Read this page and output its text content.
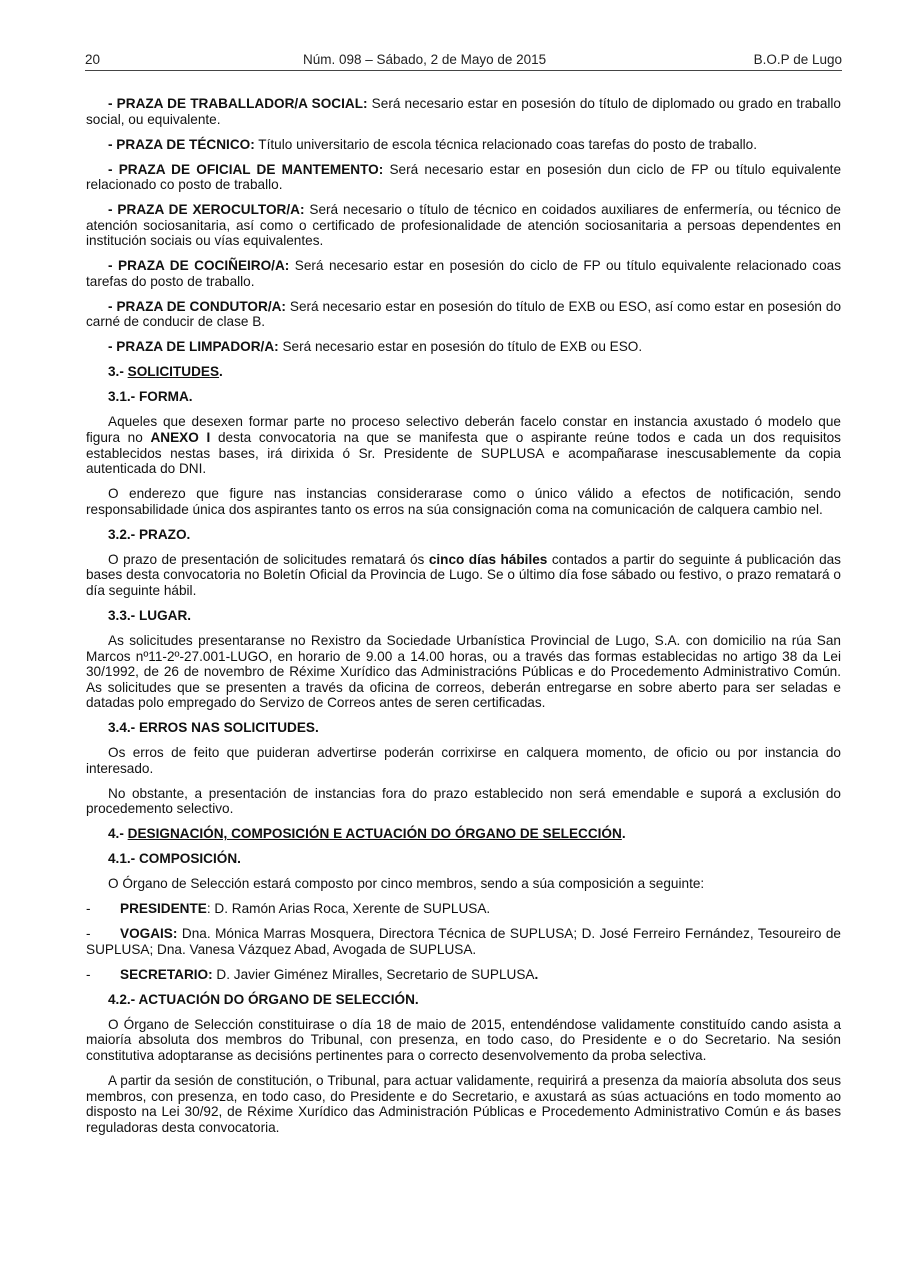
20	Núm. 098 – Sábado, 2 de Mayo de 2015	B.O.P de Lugo

- PRAZA DE TRABALLADOR/A SOCIAL: Será necesario estar en posesión do título de diplomado ou grado en traballo social, ou equivalente.

- PRAZA DE TÉCNICO: Título universitario de escola técnica relacionado coas tarefas do posto de traballo.

- PRAZA DE OFICIAL DE MANTEMENTO: Será necesario estar en posesión dun ciclo de FP ou título equivalente relacionado co posto de traballo.

- PRAZA DE XEROCULTOR/A: Será necesario o título de técnico en coidados auxiliares de enfermería, ou técnico de atención sociosanitaria, así como o certificado de profesionalidade de atención sociosanitaria a persoas dependentes en institución sociais ou vías equivalentes.

- PRAZA DE COCIÑEIRO/A: Será necesario estar en posesión do ciclo de FP ou título equivalente relacionado coas tarefas do posto de traballo.

- PRAZA DE CONDUTOR/A: Será necesario estar en posesión do título de EXB ou ESO, así como estar en posesión do carné de conducir de clase B.

- PRAZA DE LIMPADOR/A: Será necesario estar en posesión do título de EXB ou ESO.

3.- SOLICITUDES.

3.1.- FORMA.

Aqueles que desexen formar parte no proceso selectivo deberán facelo constar en instancia axustado ó modelo que figura no ANEXO I desta convocatoria na que se manifesta que o aspirante reúne todos e cada un dos requisitos establecidos nestas bases, irá dirixida ó Sr. Presidente de SUPLUSA e acompañarase inescusablemente da copia autenticada do DNI.

O enderezo que figure nas instancias considerarase como o único válido a efectos de notificación, sendo responsabilidade única dos aspirantes tanto os erros na súa consignación coma na comunicación de calquera cambio nel.

3.2.- PRAZO.

O prazo de presentación de solicitudes rematará ós cinco días hábiles contados a partir do seguinte á publicación das bases desta convocatoria no Boletín Oficial da Provincia de Lugo. Se o último día fose sábado ou festivo, o prazo rematará o día seguinte hábil.

3.3.- LUGAR.

As solicitudes presentaranse no Rexistro da Sociedade Urbanística Provincial de Lugo, S.A. con domicilio na rúa San Marcos nº11-2º-27.001-LUGO, en horario de 9.00 a 14.00 horas, ou a través das formas establecidas no artigo 38 da Lei 30/1992, de 26 de novembro de Réxime Xurídico das Administracións Públicas e do Procedemento Administrativo Común. As solicitudes que se presenten a través da oficina de correos, deberán entregarse en sobre aberto para ser seladas e datadas polo empregado do Servizo de Correos antes de seren certificadas.

3.4.- ERROS NAS SOLICITUDES.

Os erros de feito que puideran advertirse poderán corrixirse en calquera momento, de oficio ou por instancia do interesado.

No obstante, a presentación de instancias fora do prazo establecido non será emendable e suporá a exclusión do procedemento selectivo.

4.- DESIGNACIÓN, COMPOSICIÓN E ACTUACIÓN DO ÓRGANO DE SELECCIÓN.

4.1.- COMPOSICIÓN.

O Órgano de Selección estará composto por cinco membros, sendo a súa composición a seguinte:

- PRESIDENTE: D. Ramón Arias Roca, Xerente de SUPLUSA.

- VOGAIS: Dna. Mónica Marras Mosquera, Directora Técnica de SUPLUSA; D. José Ferreiro Fernández, Tesoureiro de SUPLUSA; Dna. Vanesa Vázquez Abad, Avogada de SUPLUSA.

- SECRETARIO: D. Javier Giménez Miralles, Secretario de SUPLUSA.

4.2.- ACTUACIÓN DO ÓRGANO DE SELECCIÓN.

O Órgano de Selección constituirase o día 18 de maio de 2015, entendéndose validamente constituído cando asista a maioría absoluta dos membros do Tribunal, con presenza, en todo caso, do Presidente e o do Secretario. Na sesión constitutiva adoptaranse as decisións pertinentes para o correcto desenvolvemento da proba selectiva.

A partir da sesión de constitución, o Tribunal, para actuar validamente, requirirá a presenza da maioría absoluta dos seus membros, con presenza, en todo caso, do Presidente e do Secretario, e axustará as súas actuacións en todo momento ao disposto na Lei 30/92, de Réxime Xurídico das Administración Públicas e Procedemento Administrativo Común e ás bases reguladoras desta convocatoria.
